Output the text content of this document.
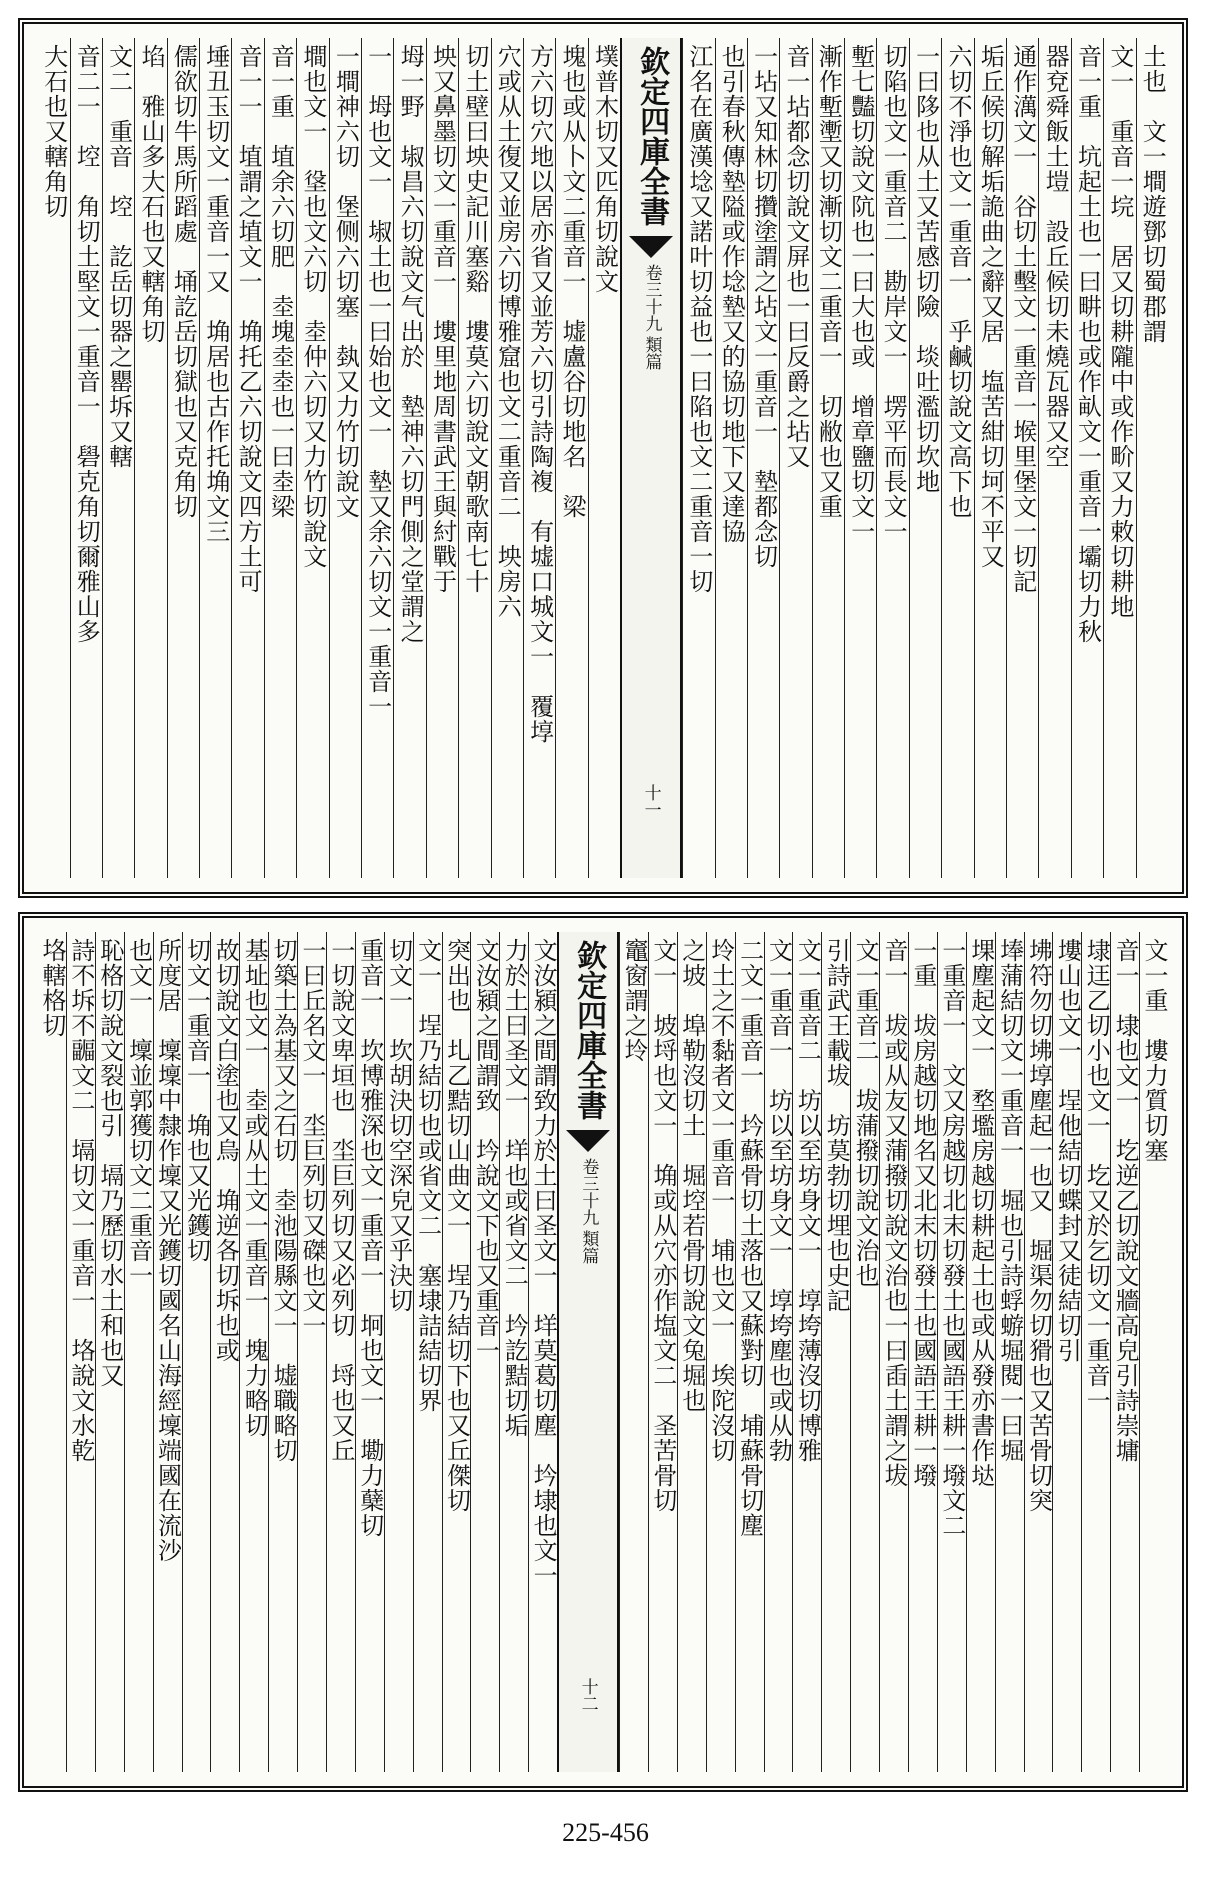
土也　文一墹遊鄧切蜀郡謂
文一　重音一垸　居又切耕隴中或作畍又力敕切耕地
音一重　坑起土也一曰畊也或作畒文一重音一壩切力秋
器兗舜飯土塏　設丘候切未燒瓦器又空
通作澫文一　谷切土墼文一重音一堠里堡文一切記
垢丘候切解垢詭曲之辭又居　塩苦紺切坷不平又
六切不淨也文一重音一　乎鹹切說文高下也
一曰陊也从土又苦感切險　埮吐濫切坎地
切陷也文一重音二　勘岸文一　塄平而長文一
塹七豔切說文阬也一曰大也或　增章鹽切文一
漸作塹壍又切漸切文二重音一　切敝也又重
音一坫都念切說文屏也一曰反爵之坫又
一坫又知林切攢塗謂之坫文一重音一　墊都念切
也引春秋傳墊隘或作埝墊又的協切地下又達協
江名在廣漢埝又諾叶切益也一曰陷也文二重音一切
欽定四庫全書
卷三十九
類篇
十一
墣普木切又匹角切說文
塊也或从卜文二重音一　墟盧谷切地名　梁
方六切穴地以居亦省又並芳六切引詩陶複　有墟口城文一　覆埻
穴或从土復又並房六切博雅窟也文二重音二　坱房六
切土壁曰坱史記川塞谿　塿莫六切說文朝歌南七十
坱又鼻墨切文一重音一　塿里地周書武王與紂戰于
坶一野　埱昌六切說文气出於　墊神六切門側之堂謂之
一　坶也文一　埱土也一曰始也文一　墊又余六切文一重音一
一墹神六切　堡侧六切塞　埶又力竹切說文
墹也文一　垼也文六切　坴仲六切又力竹切說文
音一重　埴余六切肥　坴塊坴坴也一曰坴梁
音一一　埴謂之埴文一　埆托乙六切說文四方土可
埵丑玉切文一重音一又　埆居也古作托埆文三
儒欲切牛馬所蹈處　埇訖岳切獄也又克角切
埳　雅山多大石也又轄角切
文二　重音　埪　訖岳切器之罌坼又轄
音二一　埪　角切土堅文一重音一　礐克角切爾雅山多
大石也又轄角切
文一重　塿力質切塞
音一　埭也文一　圪逆乙切說文牆高皃引詩崇墉
埭迋乙切小也文一　圪又於乞切文一重音一
塿山也文一　埕他結切蝶封又徒結切引
坲符勿切坲埻塵起一也又　堀渠勿切猾也又苦骨切突
埲蒲結切文一重音一　堀也引詩蜉蝣堀閱一曰堀
堁塵起文一　堥壏房越切耕起土也或从發亦書作垯
一重音一　文又房越切北末切發土也國語王耕一墢文二
一重　坺房越切地名又北末切發土也國語王耕一墢
音一　坺或从友又蒲撥切說文治也一曰臿土謂之坺
文一重音二　坺蒲撥切說文治也
引詩武王載坺　坊莫勃切埋也史記
文一重音二　坊以至坊身文一　埻垮薄沒切博雅
文一重音一　坊以至坊身文一　埻垮塵也或从勃
二文一重音一　坅蘇骨切土落也又蘇對切　埔蘇骨切塵
坽土之不黏者文一重音一　埔也文一　埃陀沒切
之坡　埠勒沒切土　堀埪若骨切說文兔堀也
文一　坡埒也文一　埆或从穴亦作塩文二　圣苦骨切
竈窗謂之坽
欽定四庫全書
卷三十九
類篇
十二
文汝潁之間謂致力於土曰圣文一　垟莫葛切塵　坅埭也文一
力於土曰圣文一　垟也或省文二　坅訖黠切垢
文汝潁之間謂致　坅說文下也又重音一
突出也　圠乙黠切山曲文一　埕乃結切下也又丘傑切
文一　埕乃結切也或省文二　塞埭詰結切界
切文一　坎胡決切空深皃又乎決切
重音一　坎博雅深也文一重音一　坰也文一　墈力蘖切
一切說文卑垣也　坔巨列切又必列切　埒也又丘
一曰丘名文一　坔巨列切又磔也文一
切築土為基又之石切　坴池陽縣文一　墟職略切
基址也文一　坴或从土文一重音一　塊力略切
故切說文白塗也又烏　埆逆各切坼也或
切文一重音一　埆也又光鑊切
所度居　壈壈中隸作壈又光鑊切國名山海經壈端國在流沙
也文一　壈並郭獲切文二重音一
恥格切說文裂也引　塥乃歷切水土和也又
詩不坼不疈文二　塥切文一重音一　垎說文水乾
垎轄格切
225-456
